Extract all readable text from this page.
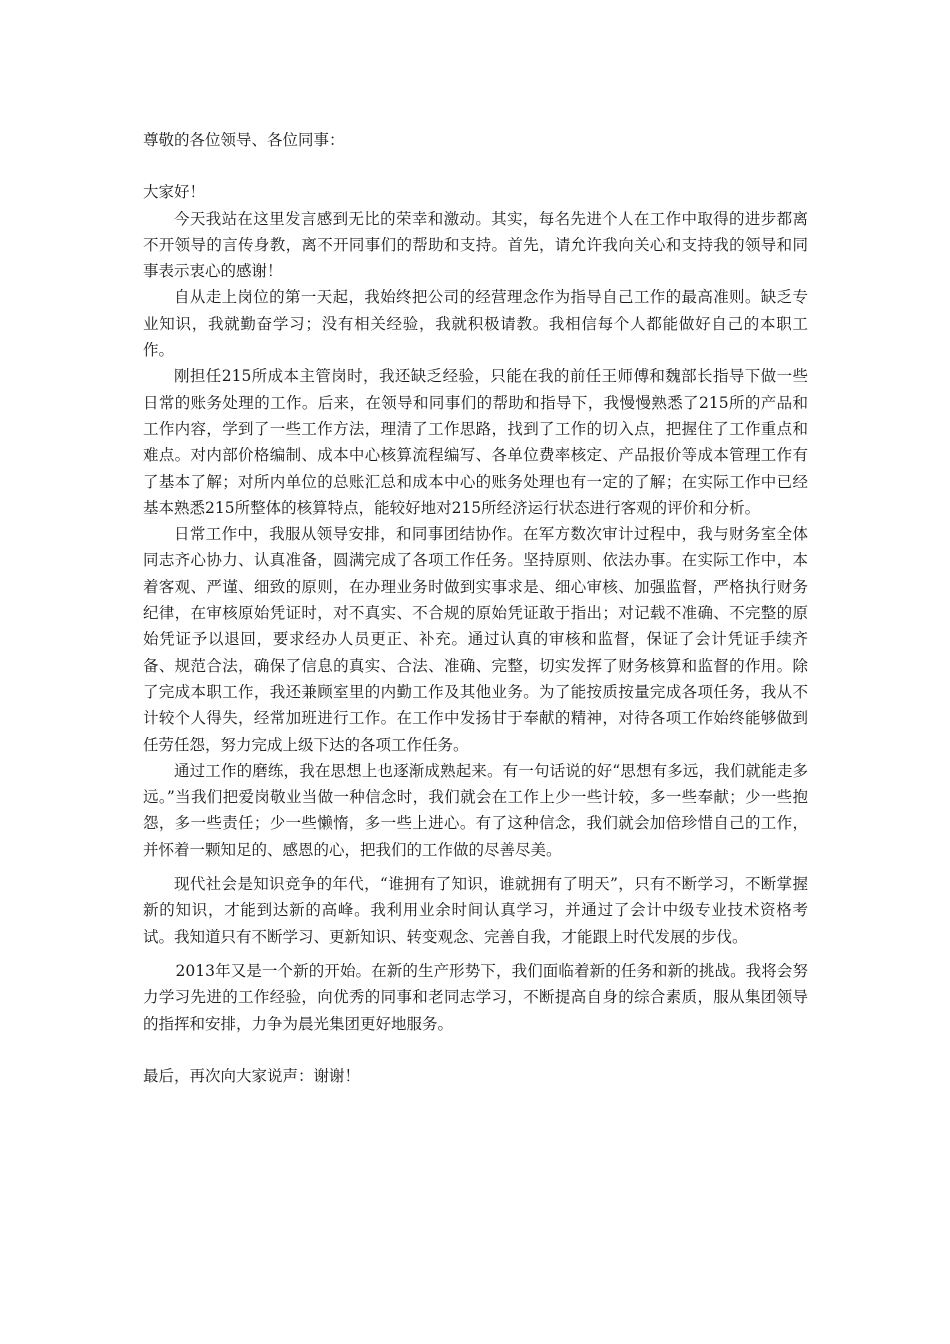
尊敬的各位领导、各位同事：

大家好！

今天我站在这里发言感到无比的荣幸和激动。其实，每名先进个人在工作中取得的进步都离不开领导的言传身教，离不开同事们的帮助和支持。首先，请允许我向关心和支持我的领导和同事表示衷心的感谢！

自从走上岗位的第一天起，我始终把公司的经营理念作为指导自己工作的最高准则。缺乏专业知识，我就勤奋学习；没有相关经验，我就积极请教。我相信每个人都能做好自己的本职工作。

刚担任215所成本主管岗时，我还缺乏经验，只能在我的前任王师傅和魏部长指导下做一些日常的账务处理的工作。后来，在领导和同事们的帮助和指导下，我慢慢熟悉了215所的产品和工作内容，学到了一些工作方法，理清了工作思路，找到了工作的切入点，把握住了工作重点和难点。对内部价格编制、成本中心核算流程编写、各单位费率核定、产品报价等成本管理工作有了基本了解；对所内单位的总账汇总和成本中心的账务处理也有一定的了解；在实际工作中已经基本熟悉215所整体的核算特点，能较好地对215所经济运行状态进行客观的评价和分析。

日常工作中，我服从领导安排，和同事团结协作。在军方数次审计过程中，我与财务室全体同志齐心协力、认真准备，圆满完成了各项工作任务。坚持原则、依法办事。在实际工作中，本着客观、严谨、细致的原则，在办理业务时做到实事求是、细心审核、加强监督，严格执行财务纪律，在审核原始凭证时，对不真实、不合规的原始凭证敢于指出；对记载不准确、不完整的原始凭证予以退回，要求经办人员更正、补充。通过认真的审核和监督，保证了会计凭证手续齐备、规范合法，确保了信息的真实、合法、准确、完整，切实发挥了财务核算和监督的作用。除了完成本职工作，我还兼顾室里的内勤工作及其他业务。为了能按质按量完成各项任务，我从不计较个人得失，经常加班进行工作。在工作中发扬甘于奉献的精神，对待各项工作始终能够做到任劳任怨，努力完成上级下达的各项工作任务。

通过工作的磨练，我在思想上也逐渐成熟起来。有一句话说的好“思想有多远，我们就能走多远。”当我们把爱岗敬业当做一种信念时，我们就会在工作上少一些计较，多一些奉献；少一些抱怨，多一些责任；少一些懒惰，多一些上进心。有了这种信念，我们就会加倍珍惜自己的工作，并怀着一颗知足的、感恩的心，把我们的工作做的尽善尽美。

现代社会是知识竞争的年代，“谁拥有了知识，谁就拥有了明天”，只有不断学习，不断掌握新的知识，才能到达新的高峰。我利用业余时间认真学习，并通过了会计中级专业技术资格考试。我知道只有不断学习、更新知识、转变观念、完善自我，才能跟上时代发展的步伐。

2013年又是一个新的开始。在新的生产形势下，我们面临着新的任务和新的挑战。我将会努力学习先进的工作经验，向优秀的同事和老同志学习，不断提高自身的综合素质，服从集团领导的指挥和安排，力争为晨光集团更好地服务。

最后，再次向大家说声：谢谢！
